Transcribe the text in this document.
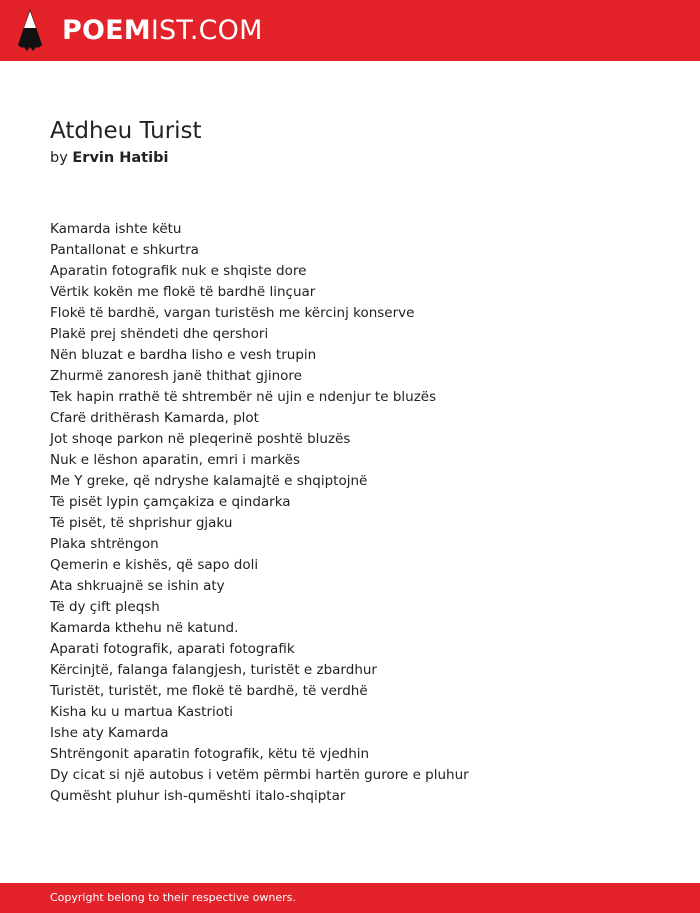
POEMIST.COM
Atdheu Turist
by Ervin Hatibi
Kamarda ishte këtu
Pantallonat e shkurtra
Aparatin fotografik nuk e shqiste dore
Vërtik kokën me flokë të bardhë linçuar
Flokë të bardhë, vargan turistësh me kërcinj konserve
Plakë prej shëndeti dhe qershori
Nën bluzat e bardha lisho e vesh trupin
Zhurmë zanoresh janë thithat gjinore
Tek hapin rrathë të shtrembër në ujin e ndenjur te bluzës
Cfarë drithërash Kamarda, plot
Jot shoqe parkon në pleqerinë poshtë bluzës
Nuk e lëshon aparatin, emri i markës
Me Y greke, që ndryshe kalamajtë e shqiptojnë
Të pisët lypin çamçakiza e qindarka
Të pisët, të shprishur gjaku
Plaka shtrëngon
Qemerin e kishës, që sapo doli
Ata shkruajnë se ishin aty
Të dy çift pleqsh
Kamarda kthehu në katund.
Aparati fotografik, aparati fotografik
Kërcinjtë, falanga falangjesh, turistët e zbardhur
Turistët, turistët, me flokë të bardhë, të verdhë
Kisha ku u martua Kastrioti
Ishe aty Kamarda
Shtrëngonit aparatin fotografik, këtu të vjedhin
Dy cicat si një autobus i vetëm përmbi hartën gurore e pluhur
Qumësht pluhur ish-qumështi italo-shqiptar
Copyright belong to their respective owners.
